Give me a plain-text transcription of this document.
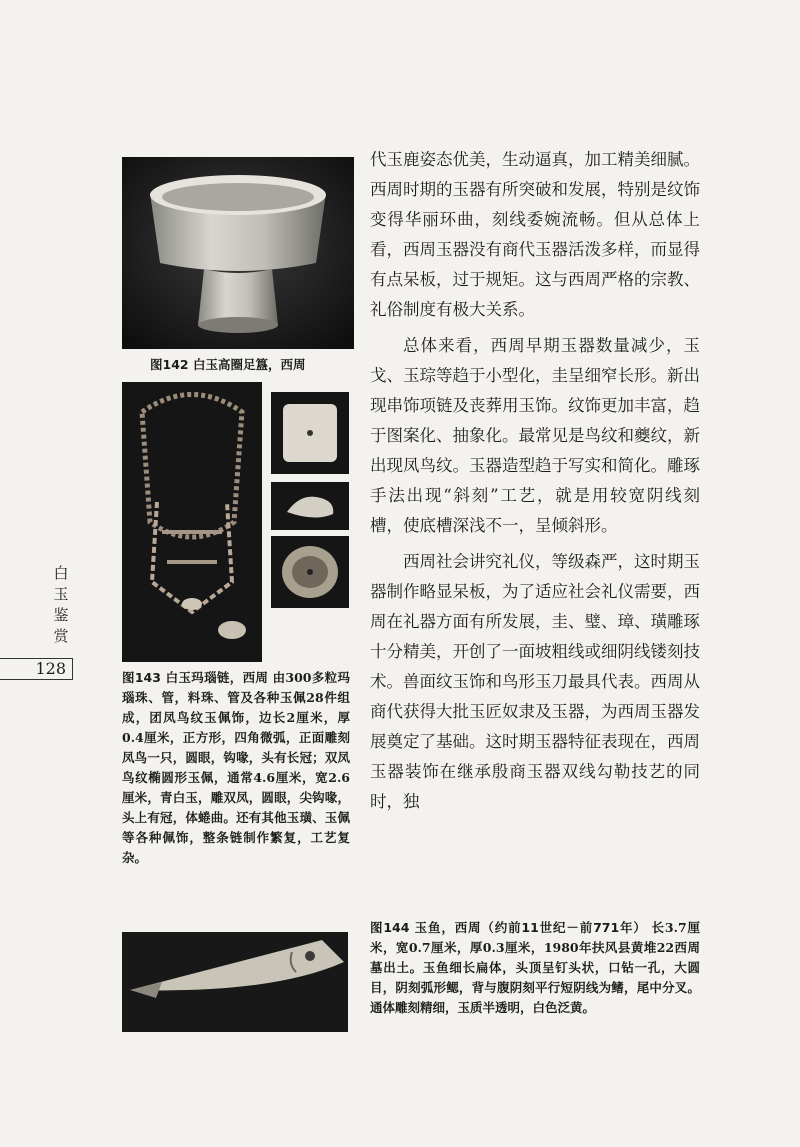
图142 白玉高圈足簋，西周
图143 白玉玛瑙链，西周 由300多粒玛瑙珠、管，料珠、管及各种玉佩28件组成，团凤鸟纹玉佩饰，边长2厘米，厚0.4厘米，正方形，四角微弧，正面雕刻凤鸟一只，圆眼，钩喙，头有长冠；双凤鸟纹椭圆形玉佩，通常4.6厘米，宽2.6厘米，青白玉，雕双凤，圆眼，尖钩喙，头上有冠，体蜷曲。还有其他玉璜、玉佩等各种佩饰，整条链制作繁复，工艺复杂。

代玉鹿姿态优美，生动逼真，加工精美细腻。西周时期的玉器有所突破和发展，特别是纹饰变得华丽环曲，刻线委婉流畅。但从总体上看，西周玉器没有商代玉器活泼多样，而显得有点呆板，过于规矩。这与西周严格的宗教、礼俗制度有极大关系。

总体来看，西周早期玉器数量减少，玉戈、玉琮等趋于小型化，圭呈细窄长形。新出现串饰项链及丧葬用玉饰。纹饰更加丰富，趋于图案化、抽象化。最常见是鸟纹和夔纹，新出现凤鸟纹。玉器造型趋于写实和简化。雕琢手法出现“斜刻”工艺，就是用较宽阴线刻槽，使底槽深浅不一，呈倾斜形。

西周社会讲究礼仪，等级森严，这时期玉器制作略显呆板，为了适应社会礼仪需要，西周在礼器方面有所发展，圭、璧、璋、璜雕琢十分精美，开创了一面坡粗线或细阴线镂刻技术。兽面纹玉饰和鸟形玉刀最具代表。西周从商代获得大批玉匠奴隶及玉器，为西周玉器发展奠定了基础。这时期玉器特征表现在，西周玉器装饰在继承殷商玉器双线勾勒技艺的同时，独

图144 玉鱼，西周（约前11世纪－前771年） 长3.7厘米，宽0.7厘米，厚0.3厘米，1980年扶风县黄堆22西周墓出土。玉鱼细长扁体，头顶呈钉头状，口钻一孔，大圆目，阴刻弧形鳃，背与腹阴刻平行短阴线为鳍，尾中分叉。通体雕刻精细，玉质半透明，白色泛黄。
白玉鉴赏
128
